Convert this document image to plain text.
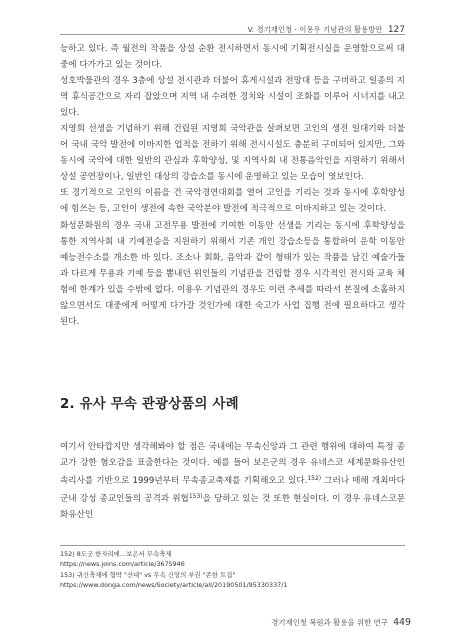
V. 경기재인청 · 이용우 기념관의 활용방안 127

능하고 있다. 즉 월전의 작품을 상설 순환 전시하면서 동시에 기획전시실을 운영함으로써 대중에 다가가고 있는 것이다.

성호박물관의 경우 3층에 상설 전시관과 더불어 휴게시설과 전망대 등을 구비하고 일종의 지역 휴식공간으로 자리 잡았으며 지역 내 수려한 경치와 시설이 조화를 이루어 시너지를 내고 있다.

지영희 선생을 기념하기 위해 건립된 지영희 국악관을 살펴보면 고인의 생전 일대기와 더불어 국내 국악 발전에 이바지한 업적을 전하기 위해 전시시설도 충분히 구비되어 있지만, 그와 동시에 국악에 대한 일반의 관심과 후학양성, 및 지역사회 내 전통음악인을 지원하기 위해서 상설 공연장이나, 일반인 대상의 강습소를 동시에 운영하고 있는 모습이 엿보인다.

또 경기적으로 고인의 이름을 건 국악경연대회를 열어 고인을 기리는 것과 동시에 후학양성에 힘쓰는 등, 고인이 생전에 속한 국악분야 발전에 적극적으로 이바지하고 있는 것이다.

화성문화원의 경우 국내 고전무용 발전에 기여한 이동안 선생을 기리는 동시에 후학양성을 통한 지역사회 내 기예전승을 지원하기 위해서 기존 개인 강습소등을 통합하여 운학 이동안 예능전수소를 개소한 바 있다. 조소나 회화, 음악과 같이 형태가 있는 작품을 남긴 예술가들과 다르게 무용과 기예 등을 뽐내던 위인들의 기념관을 건립할 경우 시각적인 전시와 교육 체험에 한계가 있을 수밖에 없다. 이용우 기념관의 경우도 이런 추세를 따라서 본질에 소홀하지 않으면서도 대중에게 어떻게 다가갈 것인가에 대한 숙고가 사업 집행 전에 필요하다고 생각된다.

2. 유사 무속 관광상품의 사례

여기서 안타깝지만 생각해봐야 할 점은 국내에는 무속신앙과 그 관련 행위에 대하여 특정 종교가 강한 혐오감을 표출한다는 것이다. 예를 들어 보은군의 경우 유네스코 세계문화유산인 속리사를 기반으로 1999년부터 무속종교축제를 기획해오고 있다.$^{152)}$ 그러나 매해 개최마다 군내 강성 종교인들의 공격과 위협$^{153)}$을 당하고 있는 것 또한 현실이다. 이 경우 유네스코문화유산인

152) 8도굿 한자리에…보은서 무속축제
https://news.joins.com/article/3675946
153) 귀신축제에 협박 "산대" vs 무속 신앙의 부권 "존한 트집"
https://www.donga.com/news/Society/article/all/20190501/95330337/1
경기재인청 복원과 활용을 위한 연구 449
